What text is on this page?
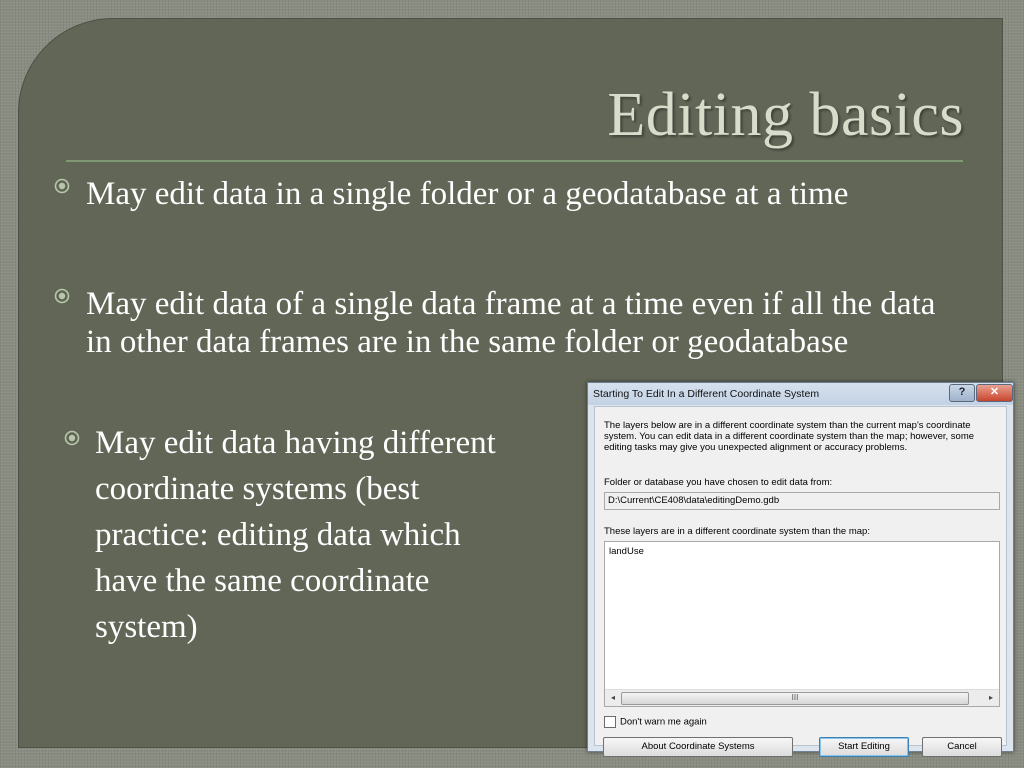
Editing basics
May edit data in a single folder or a geodatabase at a time
May edit data of a single data frame at a time even if all the data in other data frames are in the same folder or geodatabase
May edit data having different coordinate systems (best practice: editing data which have the same coordinate system)
Starting To Edit In a Different Coordinate System	?	✕
The layers below are in a different coordinate system than the current map's coordinate system. You can edit data in a different coordinate system than the map; however, some editing tasks may give you unexpected alignment or accuracy problems.
Folder or database you have chosen to edit data from:
D:\Current\CE408\data\editingDemo.gdb
These layers are in a different coordinate system than the map:
landUse
◂	III	▸
Don't warn me again
About Coordinate Systems	Start Editing	Cancel
